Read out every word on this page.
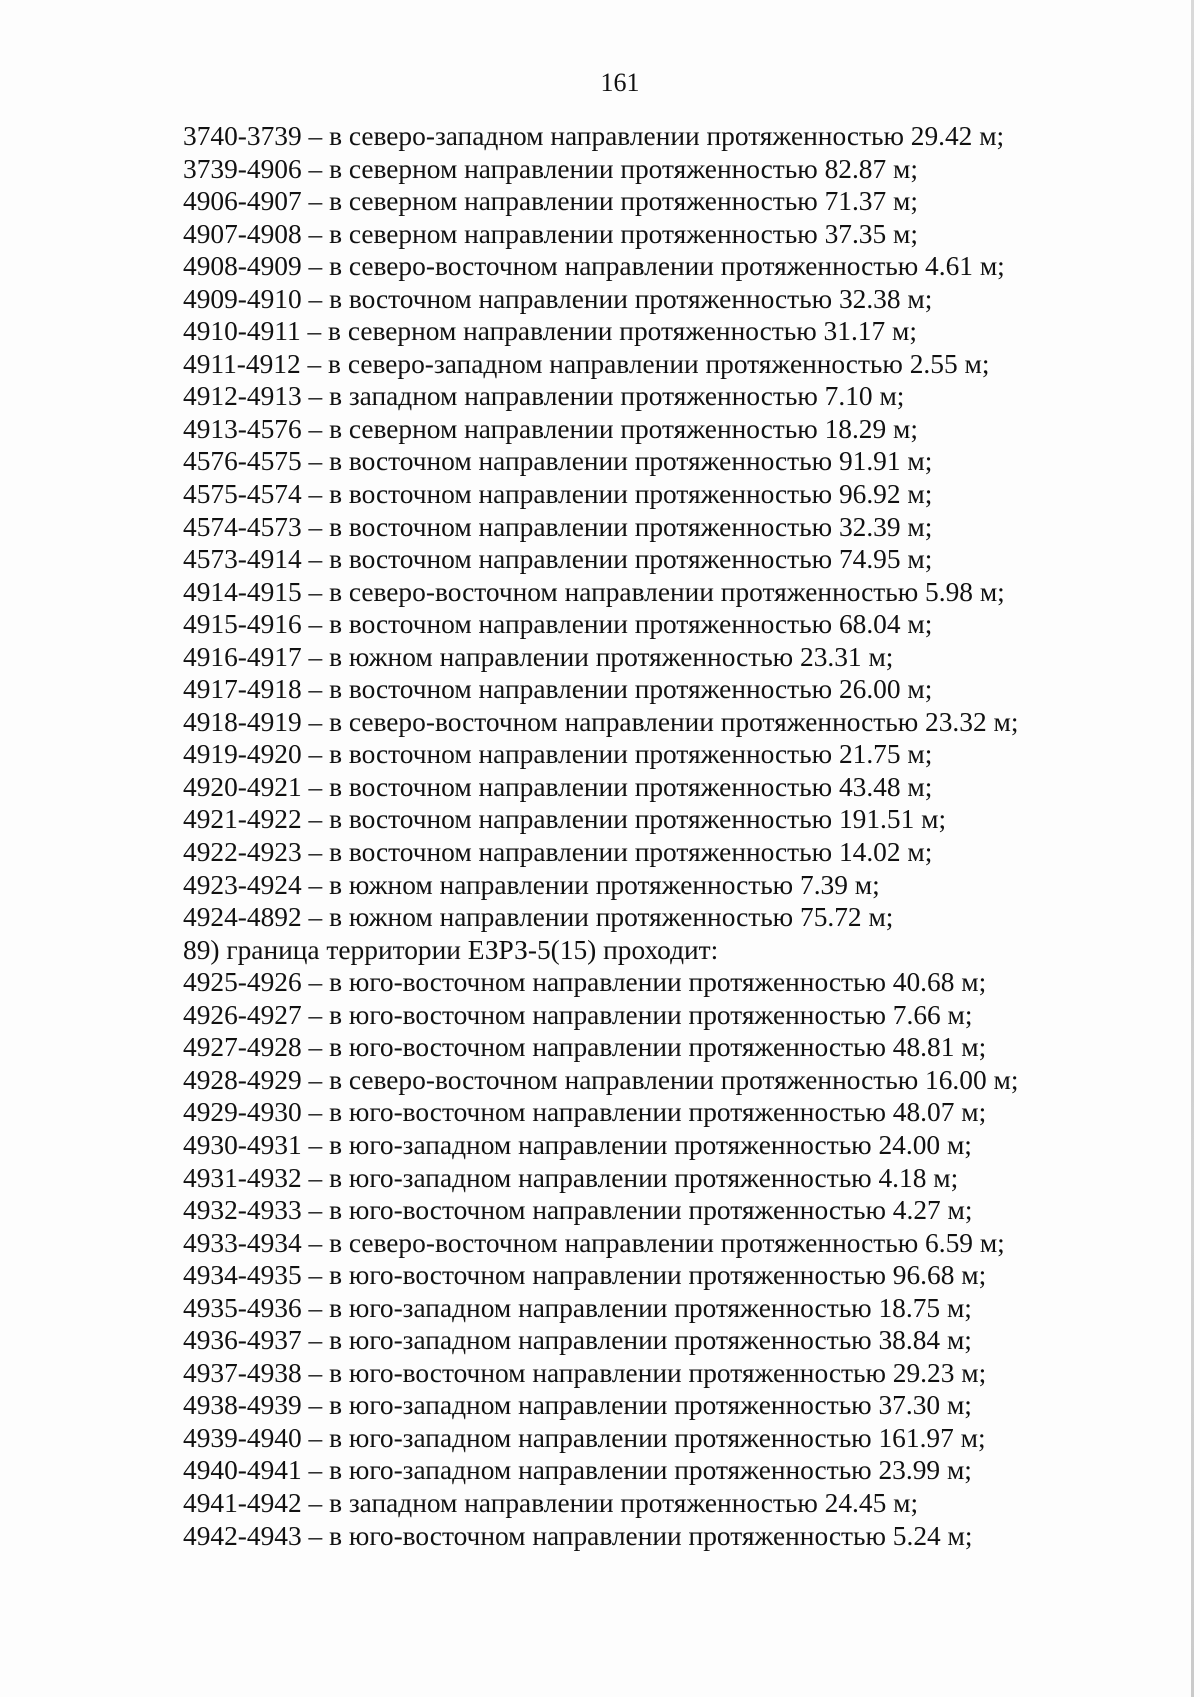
161
3740-3739 – в северо-западном направлении протяженностью 29.42 м;
3739-4906 – в северном направлении протяженностью 82.87 м;
4906-4907 – в северном направлении протяженностью 71.37 м;
4907-4908 – в северном направлении протяженностью 37.35 м;
4908-4909 – в северо-восточном направлении протяженностью 4.61 м;
4909-4910 – в восточном направлении протяженностью 32.38 м;
4910-4911 – в северном направлении протяженностью 31.17 м;
4911-4912 – в северо-западном направлении протяженностью 2.55 м;
4912-4913 – в западном направлении протяженностью 7.10 м;
4913-4576 – в северном направлении протяженностью 18.29 м;
4576-4575 – в восточном направлении протяженностью 91.91 м;
4575-4574 – в восточном направлении протяженностью 96.92 м;
4574-4573 – в восточном направлении протяженностью 32.39 м;
4573-4914 – в восточном направлении протяженностью 74.95 м;
4914-4915 – в северо-восточном направлении протяженностью 5.98 м;
4915-4916 – в восточном направлении протяженностью 68.04 м;
4916-4917 – в южном направлении протяженностью 23.31 м;
4917-4918 – в восточном направлении протяженностью 26.00 м;
4918-4919 – в северо-восточном направлении протяженностью 23.32 м;
4919-4920 – в восточном направлении протяженностью 21.75 м;
4920-4921 – в восточном направлении протяженностью 43.48 м;
4921-4922 – в восточном направлении протяженностью 191.51 м;
4922-4923 – в восточном направлении протяженностью 14.02 м;
4923-4924 – в южном направлении протяженностью 7.39 м;
4924-4892 – в южном направлении протяженностью 75.72 м;
89) граница территории ЕЗРЗ-5(15) проходит:
4925-4926 – в юго-восточном направлении протяженностью 40.68 м;
4926-4927 – в юго-восточном направлении протяженностью 7.66 м;
4927-4928 – в юго-восточном направлении протяженностью 48.81 м;
4928-4929 – в северо-восточном направлении протяженностью 16.00 м;
4929-4930 – в юго-восточном направлении протяженностью 48.07 м;
4930-4931 – в юго-западном направлении протяженностью 24.00 м;
4931-4932 – в юго-западном направлении протяженностью 4.18 м;
4932-4933 – в юго-восточном направлении протяженностью 4.27 м;
4933-4934 – в северо-восточном направлении протяженностью 6.59 м;
4934-4935 – в юго-восточном направлении протяженностью 96.68 м;
4935-4936 – в юго-западном направлении протяженностью 18.75 м;
4936-4937 – в юго-западном направлении протяженностью 38.84 м;
4937-4938 – в юго-восточном направлении протяженностью 29.23 м;
4938-4939 – в юго-западном направлении протяженностью 37.30 м;
4939-4940 – в юго-западном направлении протяженностью 161.97 м;
4940-4941 – в юго-западном направлении протяженностью 23.99 м;
4941-4942 – в западном направлении протяженностью 24.45 м;
4942-4943 – в юго-восточном направлении протяженностью 5.24 м;
